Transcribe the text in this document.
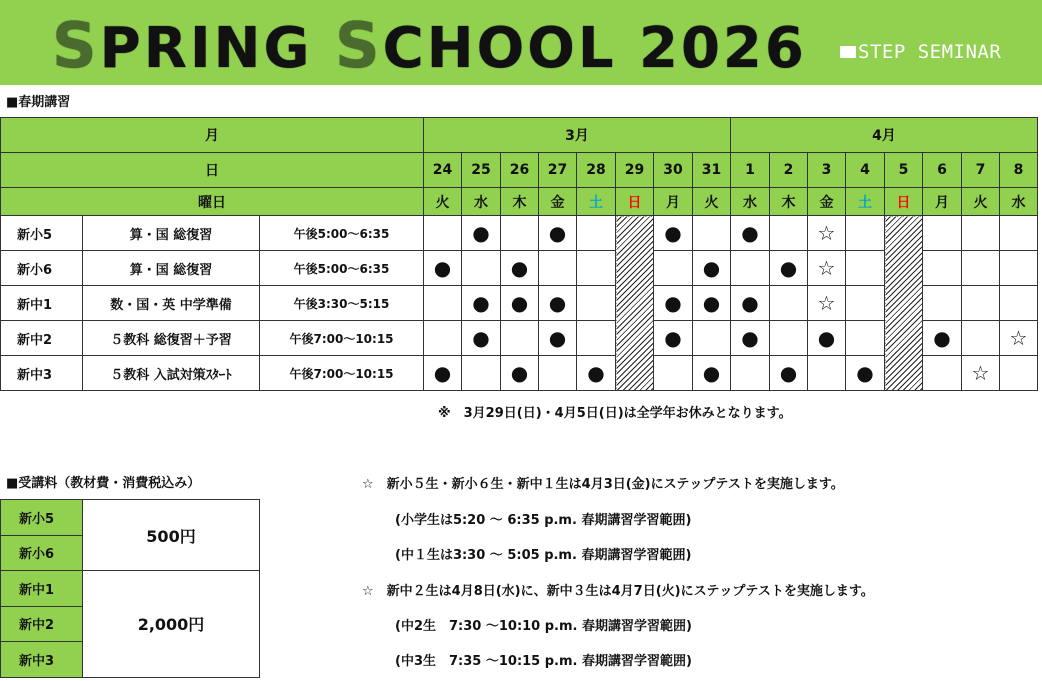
SPRING SCHOOL 2026	STEP SEMINAR
■春期講習
月			3月								4月							
日			24	25	26	27	28	29	30	31	1	2	3	4	5	6	7	8
曜日			火	水	木	金	土	日	月	火	水	木	金	土	日	月	火	水
新小5	算・国 総復習	午後5:00～6:35		●		●			●		●		☆					
新小6	算・国 総復習	午後5:00～6:35	●		●					●		●	☆					
新中1	数・国・英 中学準備	午後3:30～5:15		●	●	●			●	●	●		☆					
新中2	５教科 総復習＋予習	午後7:00～10:15		●		●			●		●		●			●		☆
新中3	５教科 入試対策ｽﾀｰﾄ	午後7:00～10:15	●		●		●			●		●		●			☆	
※　3月29日(日)・4月5日(日)は全学年お休みとなります。
■受講料（教材費・消費税込み）
新小5	500円
新小6	
新中1	2,000円
新中2	
新中3	
☆　新小５生・新小６生・新中１生は4月3日(金)にステップテストを実施します。
(小学生は5:20 ～ 6:35 p.m. 春期講習学習範囲)
(中１生は3:30 ～ 5:05 p.m. 春期講習学習範囲)
☆　新中２生は4月8日(水)に、新中３生は4月7日(火)にステップテストを実施します。
(中2生　7:30 ～10:10 p.m. 春期講習学習範囲)
(中3生　7:35 ～10:15 p.m. 春期講習学習範囲)
